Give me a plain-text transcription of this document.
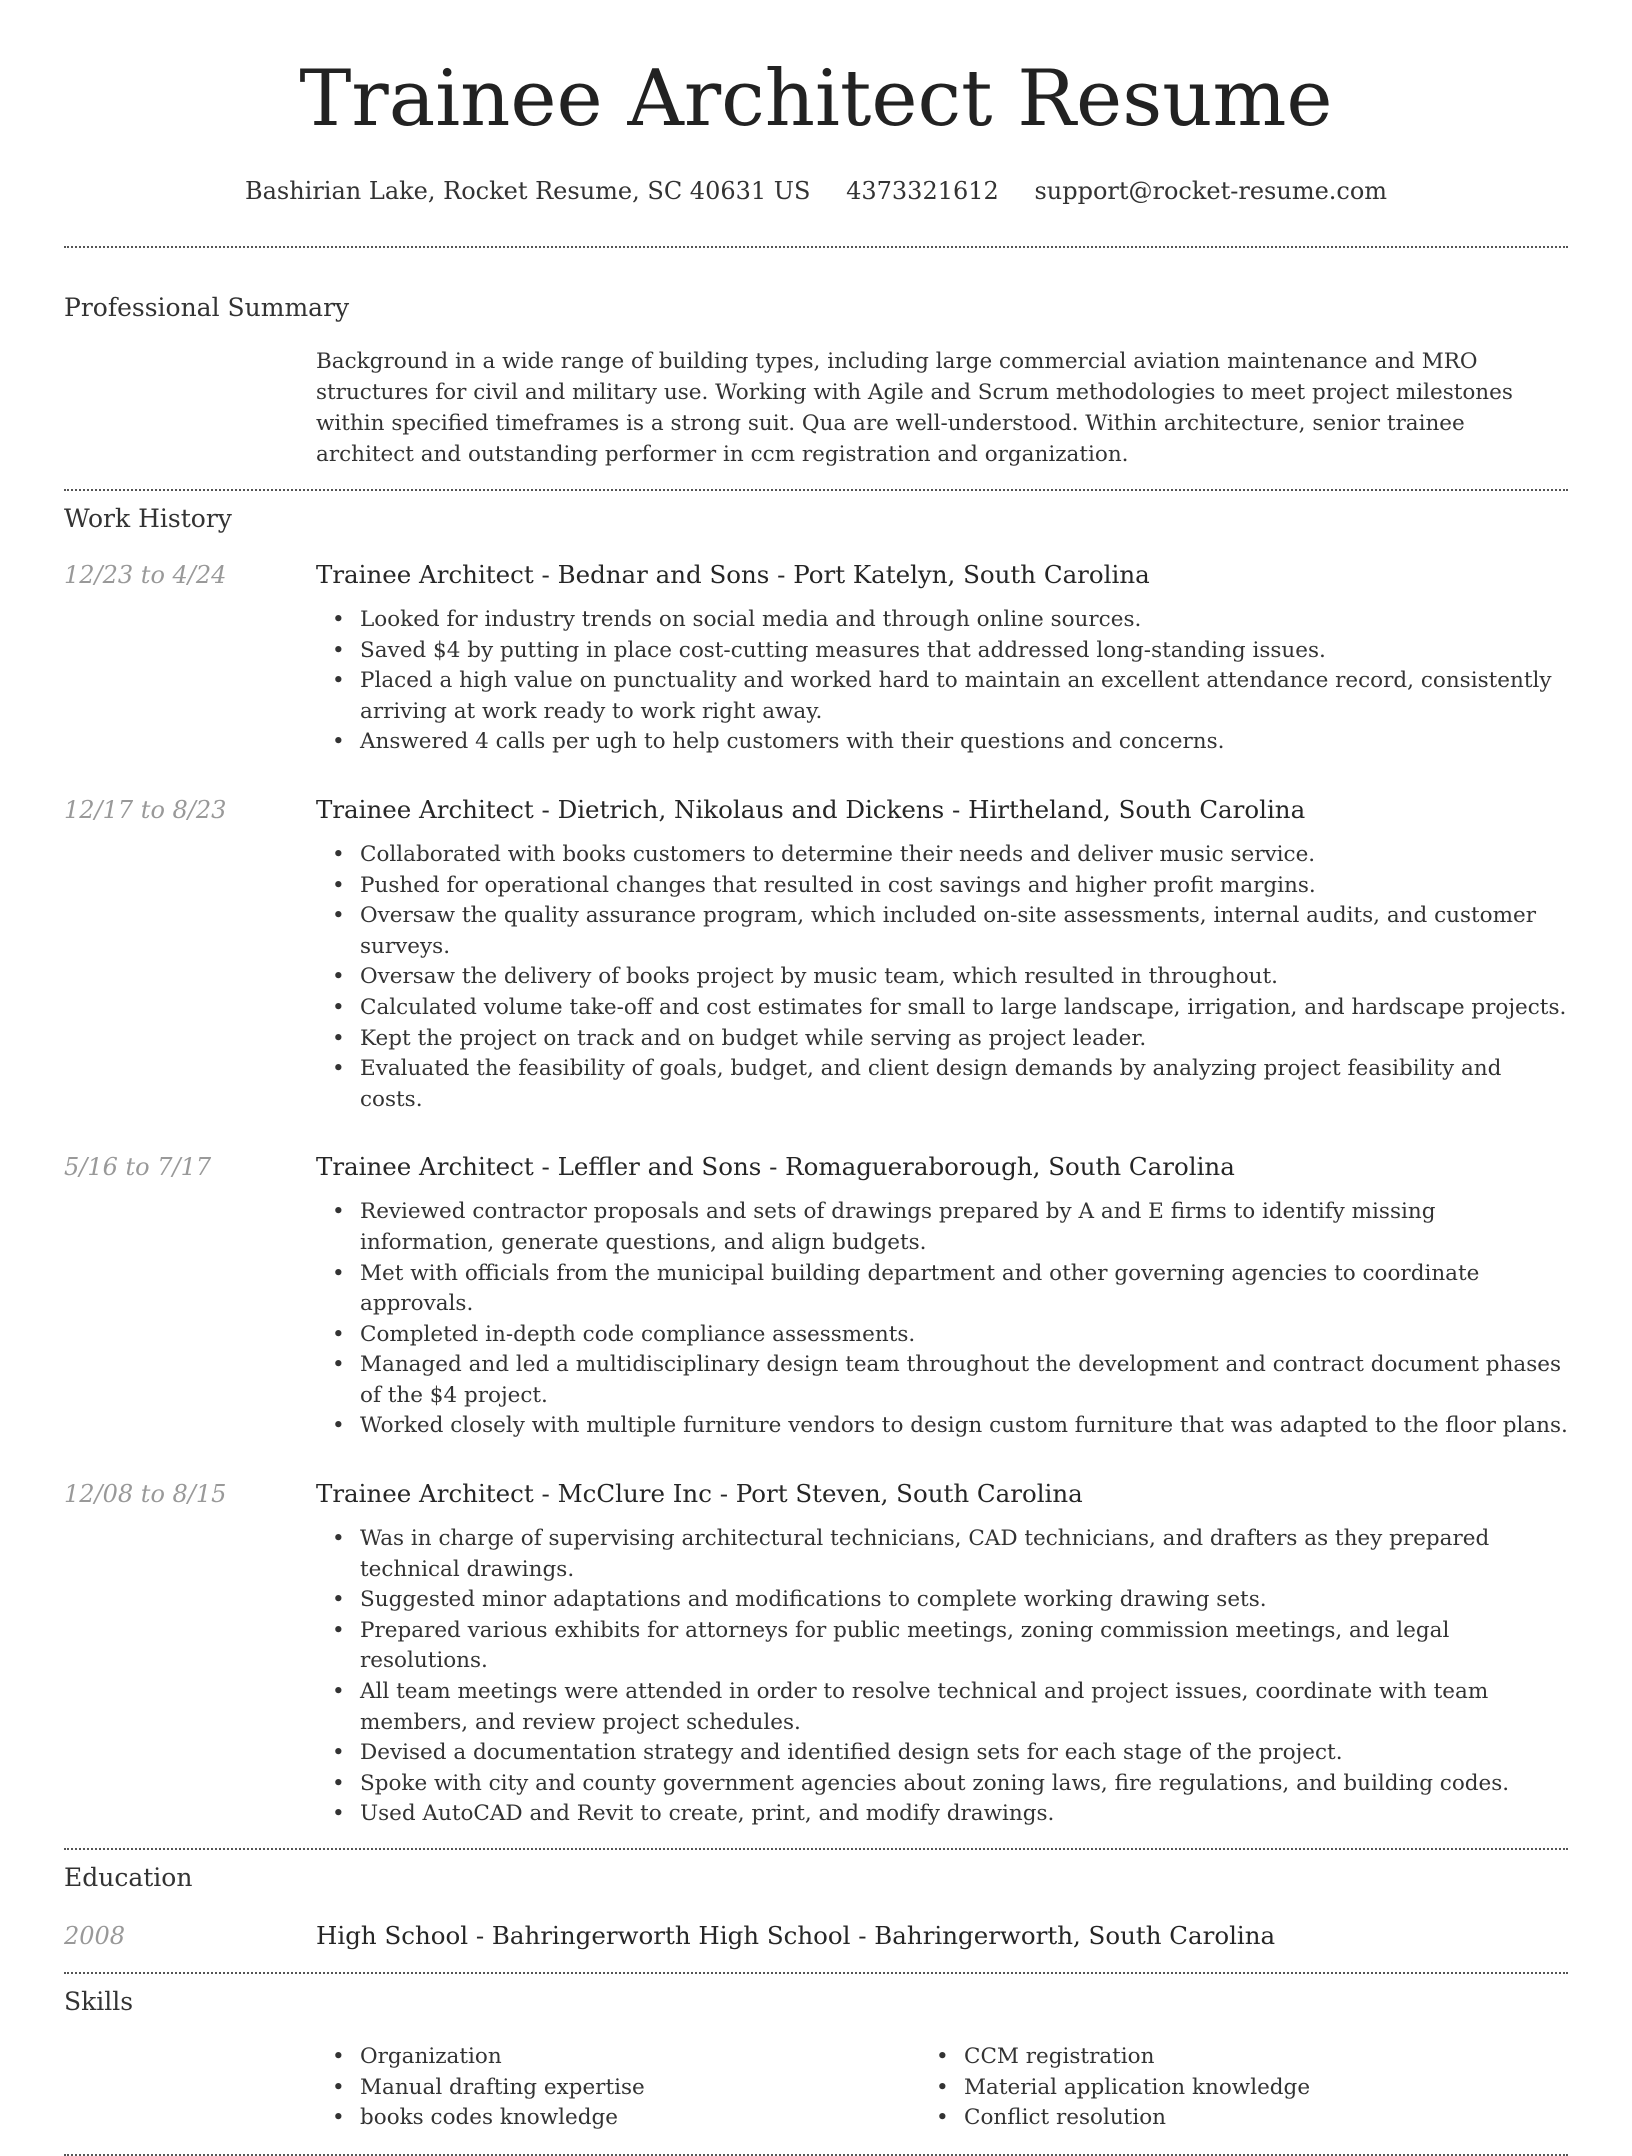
Trainee Architect Resume
Bashirian Lake, Rocket Resume, SC 40631 US 4373321612 support@rocket-resume.com
Professional Summary

Background in a wide range of building types, including large commercial aviation maintenance and MRO structures for civil and military use. Working with Agile and Scrum methodologies to meet project milestones within specified timeframes is a strong suit. Qua are well-understood. Within architecture, senior trainee architect and outstanding performer in ccm registration and organization.

Work History
12/23 to 4/24	Trainee Architect - Bednar and Sons - Port Katelyn, South Carolina
• Looked for industry trends on social media and through online sources.
• Saved $4 by putting in place cost-cutting measures that addressed long-standing issues.
• Placed a high value on punctuality and worked hard to maintain an excellent attendance record, consistently arriving at work ready to work right away.
• Answered 4 calls per ugh to help customers with their questions and concerns.
12/17 to 8/23	Trainee Architect - Dietrich, Nikolaus and Dickens - Hirtheland, South Carolina
• Collaborated with books customers to determine their needs and deliver music service.
• Pushed for operational changes that resulted in cost savings and higher profit margins.
• Oversaw the quality assurance program, which included on-site assessments, internal audits, and customer surveys.
• Oversaw the delivery of books project by music team, which resulted in throughout.
• Calculated volume take-off and cost estimates for small to large landscape, irrigation, and hardscape projects.
• Kept the project on track and on budget while serving as project leader.
• Evaluated the feasibility of goals, budget, and client design demands by analyzing project feasibility and costs.
5/16 to 7/17	Trainee Architect - Leffler and Sons - Romagueraborough, South Carolina
• Reviewed contractor proposals and sets of drawings prepared by A and E firms to identify missing information, generate questions, and align budgets.
• Met with officials from the municipal building department and other governing agencies to coordinate approvals.
• Completed in-depth code compliance assessments.
• Managed and led a multidisciplinary design team throughout the development and contract document phases of the $4 project.
• Worked closely with multiple furniture vendors to design custom furniture that was adapted to the floor plans.
12/08 to 8/15	Trainee Architect - McClure Inc - Port Steven, South Carolina
• Was in charge of supervising architectural technicians, CAD technicians, and drafters as they prepared technical drawings.
• Suggested minor adaptations and modifications to complete working drawing sets.
• Prepared various exhibits for attorneys for public meetings, zoning commission meetings, and legal resolutions.
• All team meetings were attended in order to resolve technical and project issues, coordinate with team members, and review project schedules.
• Devised a documentation strategy and identified design sets for each stage of the project.
• Spoke with city and county government agencies about zoning laws, fire regulations, and building codes.
• Used AutoCAD and Revit to create, print, and modify drawings.
Education
2008	High School - Bahringerworth High School - Bahringerworth, South Carolina
Skills
• Organization
• Manual drafting expertise
• books codes knowledge
• CCM registration
• Material application knowledge
• Conflict resolution
